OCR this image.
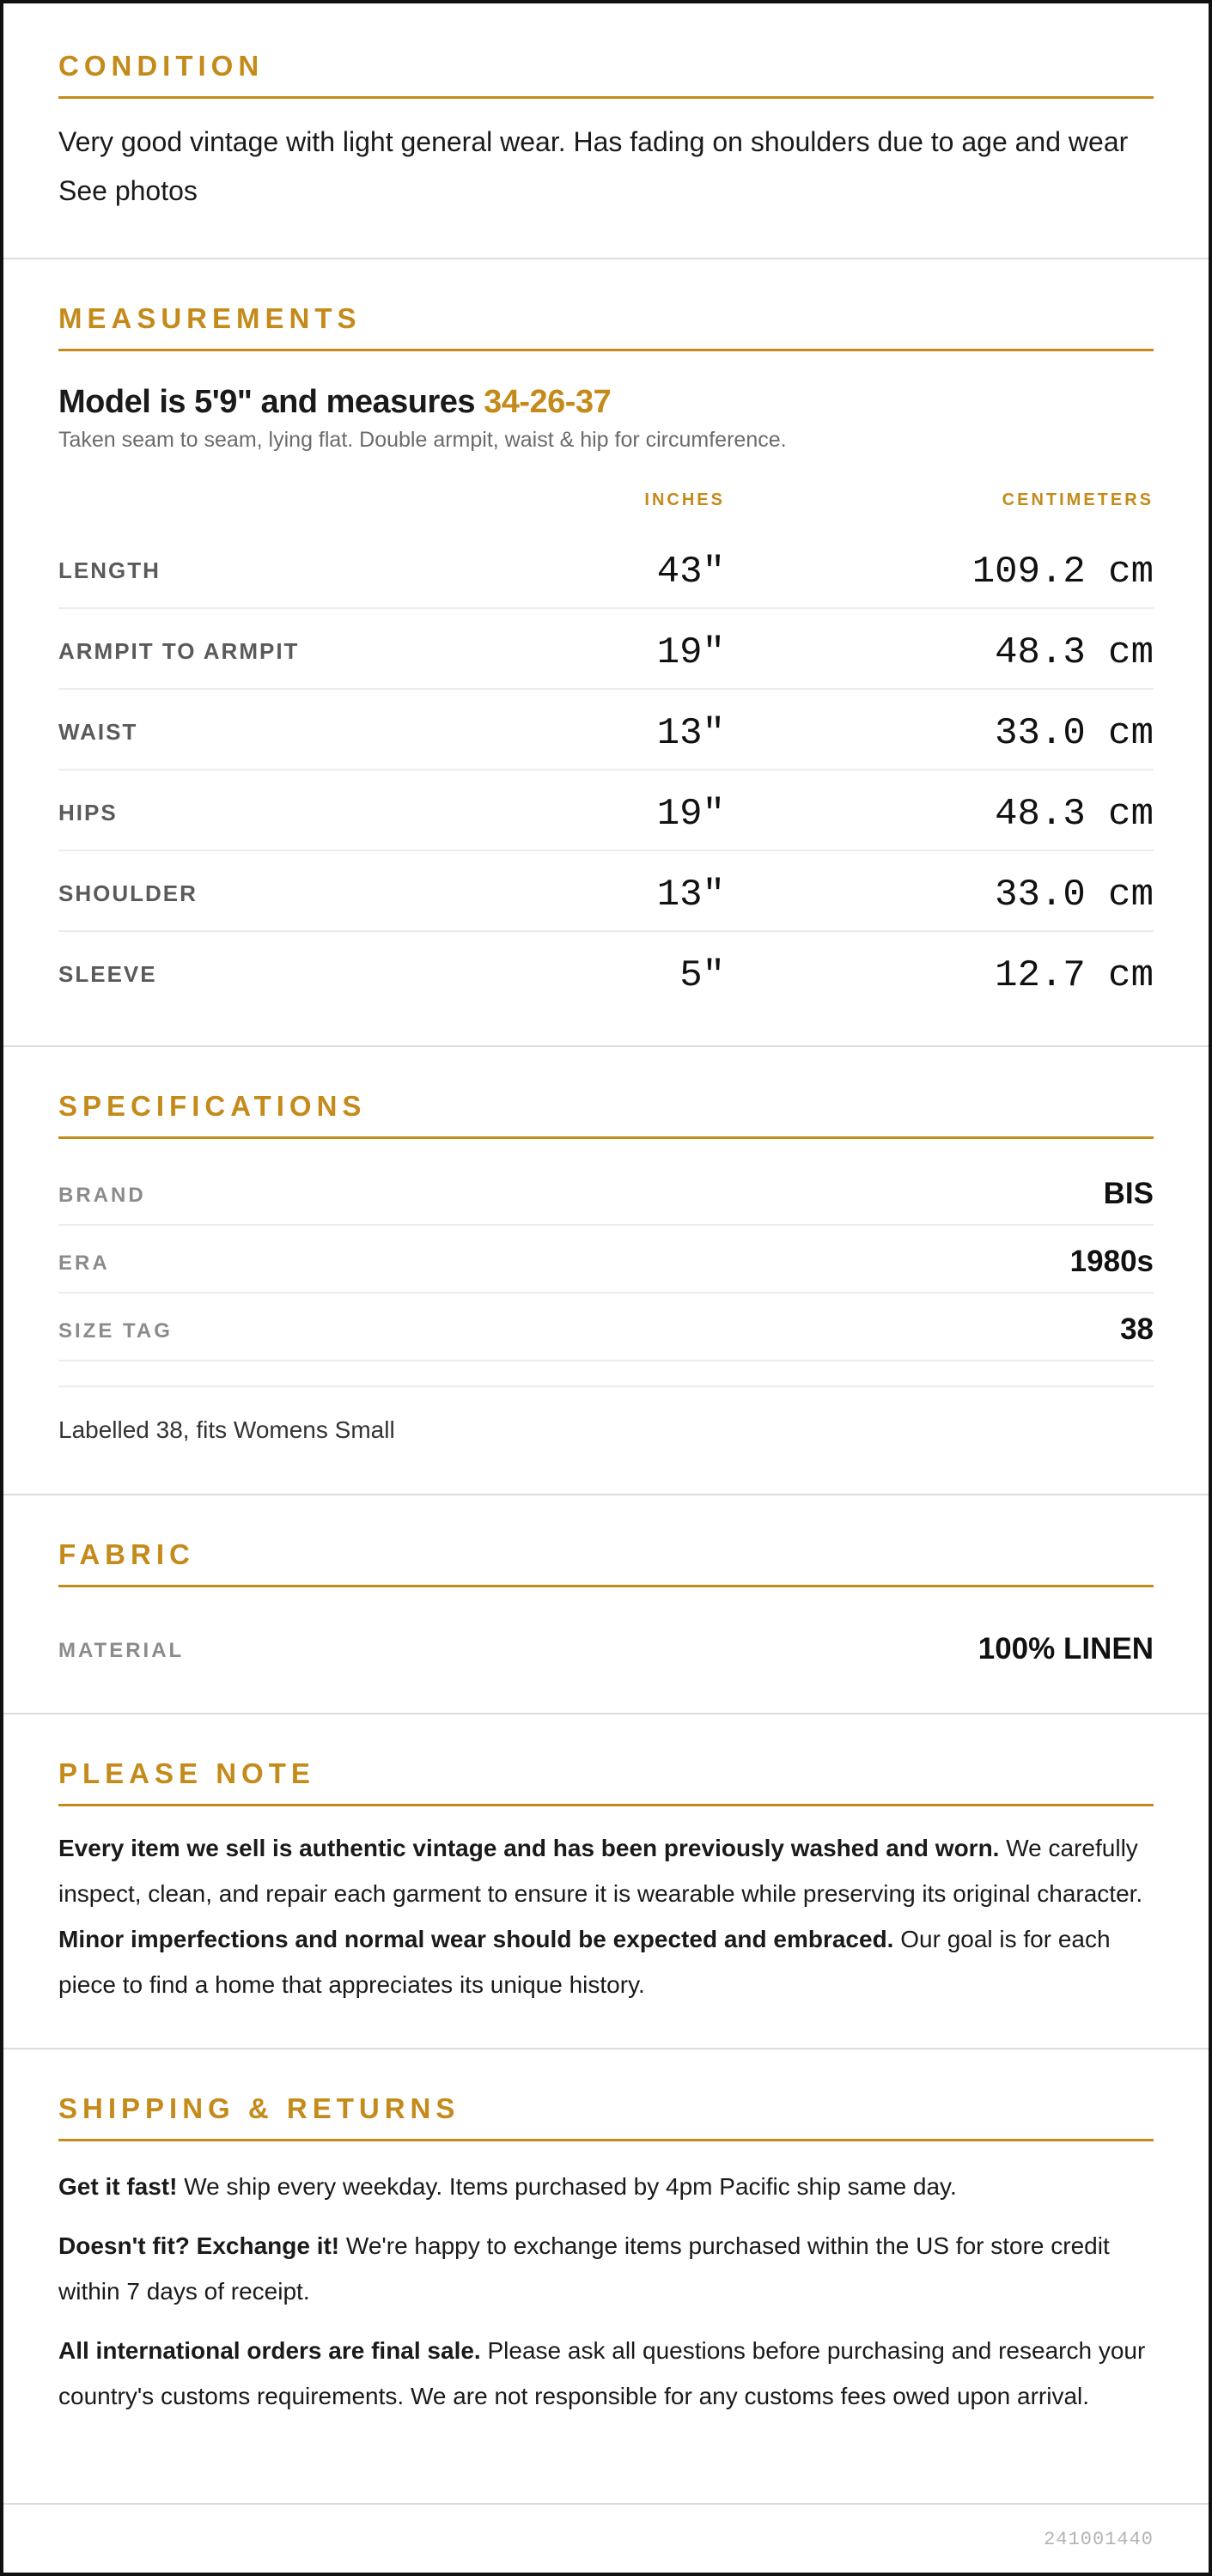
CONDITION

Very good vintage with light general wear. Has fading on shoulders due to age and wear See photos

MEASUREMENTS
Model is 5'9" and measures 34-26-37
Taken seam to seam, lying flat. Double armpit, waist & hip for circumference.
INCHES	CENTIMETERS
LENGTH	43"	109.2 cm
ARMPIT TO ARMPIT	19"	48.3 cm
WAIST	13"	33.0 cm
HIPS	19"	48.3 cm
SHOULDER	13"	33.0 cm
SLEEVE	5"	12.7 cm
SPECIFICATIONS
BRAND	BIS
ERA	1980s
SIZE TAG	38

Labelled 38, fits Womens Small

FABRIC
MATERIAL	100% LINEN
PLEASE NOTE

Every item we sell is authentic vintage and has been previously washed and worn. We carefully inspect, clean, and repair each garment to ensure it is wearable while preserving its original character. Minor imperfections and normal wear should be expected and embraced. Our goal is for each piece to find a home that appreciates its unique history.

SHIPPING & RETURNS

Get it fast! We ship every weekday. Items purchased by 4pm Pacific ship same day.

Doesn't fit? Exchange it! We're happy to exchange items purchased within the US for store credit within 7 days of receipt.

All international orders are final sale. Please ask all questions before purchasing and research your country's customs requirements. We are not responsible for any customs fees owed upon arrival.

241001440
